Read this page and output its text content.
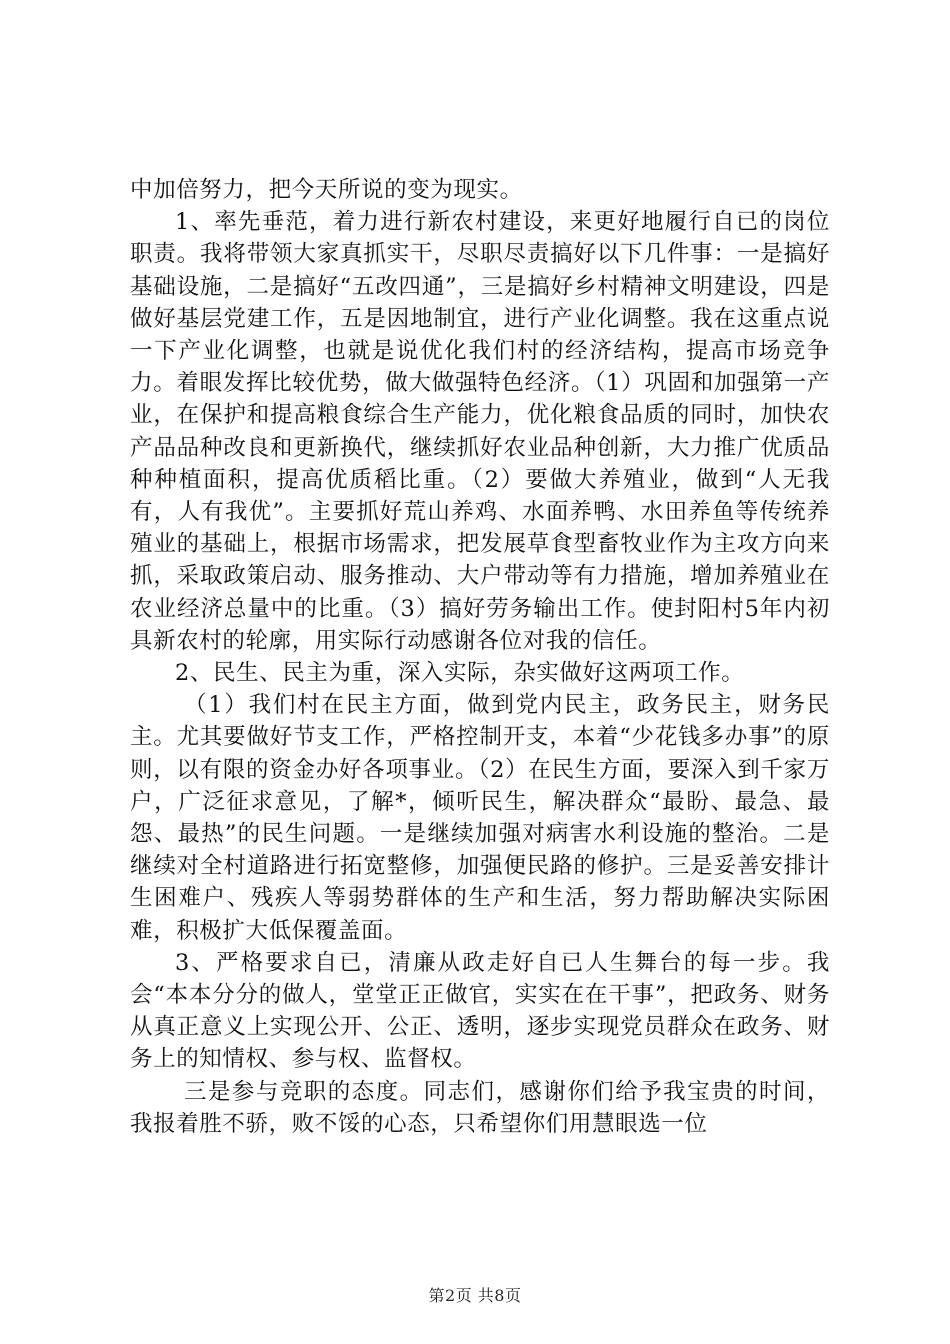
中加倍努力，把今天所说的变为现实。

1、率先垂范，着力进行新农村建设，来更好地履行自已的岗位职责。我将带领大家真抓实干，尽职尽责搞好以下几件事：一是搞好基础设施，二是搞好“五改四通”，三是搞好乡村精神文明建设，四是做好基层党建工作，五是因地制宜，进行产业化调整。我在这重点说一下产业化调整，也就是说优化我们村的经济结构，提高市场竞争力。着眼发挥比较优势，做大做强特色经济。（1）巩固和加强第一产业，在保护和提高粮食综合生产能力，优化粮食品质的同时，加快农产品品种改良和更新换代，继续抓好农业品种创新，大力推广优质品种种植面积，提高优质稻比重。（2）要做大养殖业，做到“人无我有，人有我优”。主要抓好荒山养鸡、水面养鸭、水田养鱼等传统养殖业的基础上，根据市场需求，把发展草食型畜牧业作为主攻方向来抓，采取政策启动、服务推动、大户带动等有力措施，增加养殖业在农业经济总量中的比重。（3）搞好劳务输出工作。使封阳村5年内初具新农村的轮廓，用实际行动感谢各位对我的信任。

2、民生、民主为重，深入实际，杂实做好这两项工作。

（1）我们村在民主方面，做到党内民主，政务民主，财务民主。尤其要做好节支工作，严格控制开支，本着“少花钱多办事”的原则，以有限的资金办好各项事业。（2）在民生方面，要深入到千家万户，广泛征求意见，了解*，倾听民生，解决群众“最盼、最急、最怨、最热”的民生问题。一是继续加强对病害水利设施的整治。二是继续对全村道路进行拓宽整修，加强便民路的修护。三是妥善安排计生困难户、残疾人等弱势群体的生产和生活，努力帮助解决实际困难，积极扩大低保覆盖面。

3、严格要求自已，清廉从政走好自已人生舞台的每一步。我会“本本分分的做人，堂堂正正做官，实实在在干事”，把政务、财务从真正意义上实现公开、公正、透明，逐步实现党员群众在政务、财务上的知情权、参与权、监督权。

三是参与竞职的态度。同志们，感谢你们给予我宝贵的时间，我报着胜不骄，败不馁的心态，只希望你们用慧眼选一位

第2页 共8页
